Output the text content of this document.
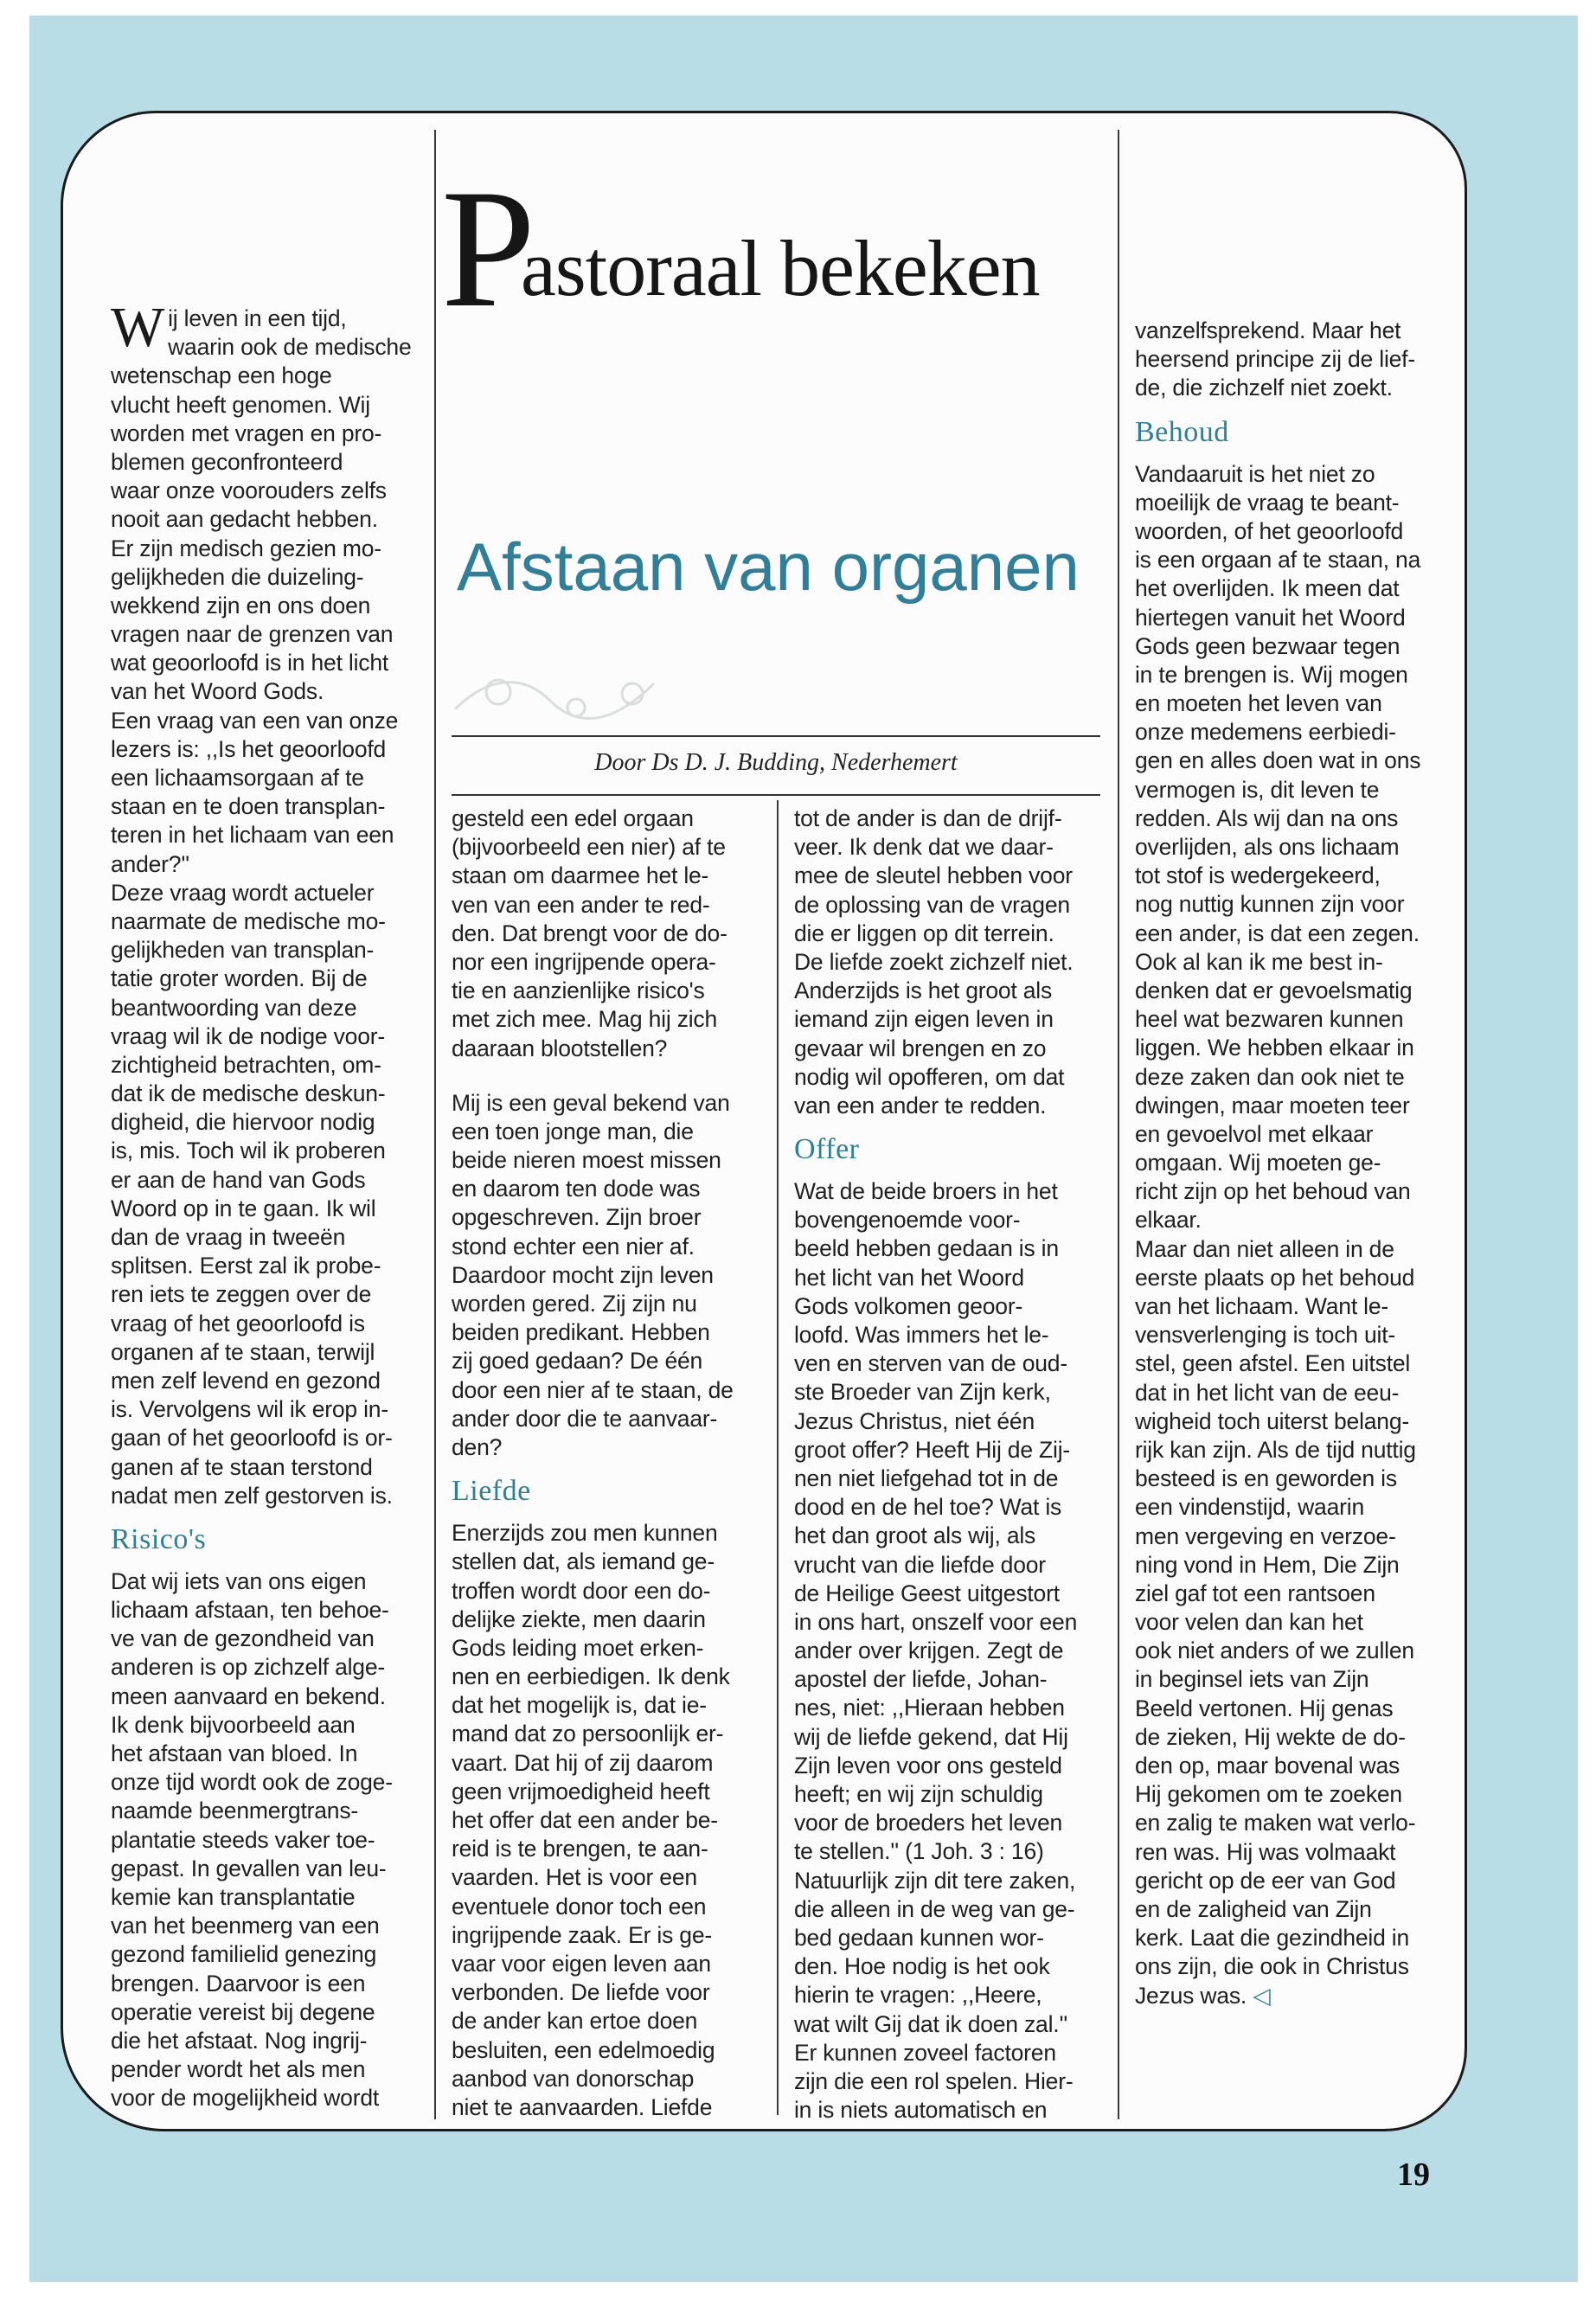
P
astoraal bekeken
Afstaan van organen
Door Ds D. J. Budding, Nederhemert

W ij leven in een tijd,
waarin ook de medische
wetenschap een hoge
vlucht heeft genomen. Wij
worden met vragen en pro-
blemen geconfronteerd
waar onze voorouders zelfs
nooit aan gedacht hebben.
Er zijn medisch gezien mo-
gelijkheden die duizeling-
wekkend zijn en ons doen
vragen naar de grenzen van
wat geoorloofd is in het licht
van het Woord Gods.
Een vraag van een van onze
lezers is: ,,Is het geoorloofd
een lichaamsorgaan af te
staan en te doen transplan-
teren in het lichaam van een
ander?''
Deze vraag wordt actueler
naarmate de medische mo-
gelijkheden van transplan-
tatie groter worden. Bij de
beantwoording van deze
vraag wil ik de nodige voor-
zichtigheid betrachten, om-
dat ik de medische deskun-
digheid, die hiervoor nodig
is, mis. Toch wil ik proberen
er aan de hand van Gods
Woord op in te gaan. Ik wil
dan de vraag in tweeën
splitsen. Eerst zal ik probe-
ren iets te zeggen over de
vraag of het geoorloofd is
organen af te staan, terwijl
men zelf levend en gezond
is. Vervolgens wil ik erop in-
gaan of het geoorloofd is or-
ganen af te staan terstond
nadat men zelf gestorven is.

Risico's

Dat wij iets van ons eigen
lichaam afstaan, ten behoe-
ve van de gezondheid van
anderen is op zichzelf alge-
meen aanvaard en bekend.
Ik denk bijvoorbeeld aan
het afstaan van bloed. In
onze tijd wordt ook de zoge-
naamde beenmergtrans-
plantatie steeds vaker toe-
gepast. In gevallen van leu-
kemie kan transplantatie
van het beenmerg van een
gezond familielid genezing
brengen. Daarvoor is een
operatie vereist bij degene
die het afstaat. Nog ingrij-
pender wordt het als men
voor de mogelijkheid wordt

gesteld een edel orgaan
(bijvoorbeeld een nier) af te
staan om daarmee het le-
ven van een ander te red-
den. Dat brengt voor de do-
nor een ingrijpende opera-
tie en aanzienlijke risico's
met zich mee. Mag hij zich
daaraan blootstellen?

Mij is een geval bekend van
een toen jonge man, die
beide nieren moest missen
en daarom ten dode was
opgeschreven. Zijn broer
stond echter een nier af.
Daardoor mocht zijn leven
worden gered. Zij zijn nu
beiden predikant. Hebben
zij goed gedaan? De één
door een nier af te staan, de
ander door die te aanvaar-
den?

Liefde

Enerzijds zou men kunnen
stellen dat, als iemand ge-
troffen wordt door een do-
delijke ziekte, men daarin
Gods leiding moet erken-
nen en eerbiedigen. Ik denk
dat het mogelijk is, dat ie-
mand dat zo persoonlijk er-
vaart. Dat hij of zij daarom
geen vrijmoedigheid heeft
het offer dat een ander be-
reid is te brengen, te aan-
vaarden. Het is voor een
eventuele donor toch een
ingrijpende zaak. Er is ge-
vaar voor eigen leven aan
verbonden. De liefde voor
de ander kan ertoe doen
besluiten, een edelmoedig
aanbod van donorschap
niet te aanvaarden. Liefde

tot de ander is dan de drijf-
veer. Ik denk dat we daar-
mee de sleutel hebben voor
de oplossing van de vragen
die er liggen op dit terrein.
De liefde zoekt zichzelf niet.
Anderzijds is het groot als
iemand zijn eigen leven in
gevaar wil brengen en zo
nodig wil opofferen, om dat
van een ander te redden.

Offer

Wat de beide broers in het
bovengenoemde voor-
beeld hebben gedaan is in
het licht van het Woord
Gods volkomen geoor-
loofd. Was immers het le-
ven en sterven van de oud-
ste Broeder van Zijn kerk,
Jezus Christus, niet één
groot offer? Heeft Hij de Zij-
nen niet liefgehad tot in de
dood en de hel toe? Wat is
het dan groot als wij, als
vrucht van die liefde door
de Heilige Geest uitgestort
in ons hart, onszelf voor een
ander over krijgen. Zegt de
apostel der liefde, Johan-
nes, niet: ,,Hieraan hebben
wij de liefde gekend, dat Hij
Zijn leven voor ons gesteld
heeft; en wij zijn schuldig
voor de broeders het leven
te stellen.'' (1 Joh. 3 : 16)
Natuurlijk zijn dit tere zaken,
die alleen in de weg van ge-
bed gedaan kunnen wor-
den. Hoe nodig is het ook
hierin te vragen: ,,Heere,
wat wilt Gij dat ik doen zal.''
Er kunnen zoveel factoren
zijn die een rol spelen. Hier-
in is niets automatisch en

vanzelfsprekend. Maar het
heersend principe zij de lief-
de, die zichzelf niet zoekt.

Behoud

Vandaaruit is het niet zo
moeilijk de vraag te beant-
woorden, of het geoorloofd
is een orgaan af te staan, na
het overlijden. Ik meen dat
hiertegen vanuit het Woord
Gods geen bezwaar tegen
in te brengen is. Wij mogen
en moeten het leven van
onze medemens eerbiedi-
gen en alles doen wat in ons
vermogen is, dit leven te
redden. Als wij dan na ons
overlijden, als ons lichaam
tot stof is wedergekeerd,
nog nuttig kunnen zijn voor
een ander, is dat een zegen.
Ook al kan ik me best in-
denken dat er gevoelsmatig
heel wat bezwaren kunnen
liggen. We hebben elkaar in
deze zaken dan ook niet te
dwingen, maar moeten teer
en gevoelvol met elkaar
omgaan. Wij moeten ge-
richt zijn op het behoud van
elkaar.
Maar dan niet alleen in de
eerste plaats op het behoud
van het lichaam. Want le-
vensverlenging is toch uit-
stel, geen afstel. Een uitstel
dat in het licht van de eeu-
wigheid toch uiterst belang-
rijk kan zijn. Als de tijd nuttig
besteed is en geworden is
een vindenstijd, waarin
men vergeving en verzoe-
ning vond in Hem, Die Zijn
ziel gaf tot een rantsoen
voor velen dan kan het
ook niet anders of we zullen
in beginsel iets van Zijn
Beeld vertonen. Hij genas
de zieken, Hij wekte de do-
den op, maar bovenal was
Hij gekomen om te zoeken
en zalig te maken wat verlo-
ren was. Hij was volmaakt
gericht op de eer van God
en de zaligheid van Zijn
kerk. Laat die gezindheid in
ons zijn, die ook in Christus
Jezus was. ◁

19
